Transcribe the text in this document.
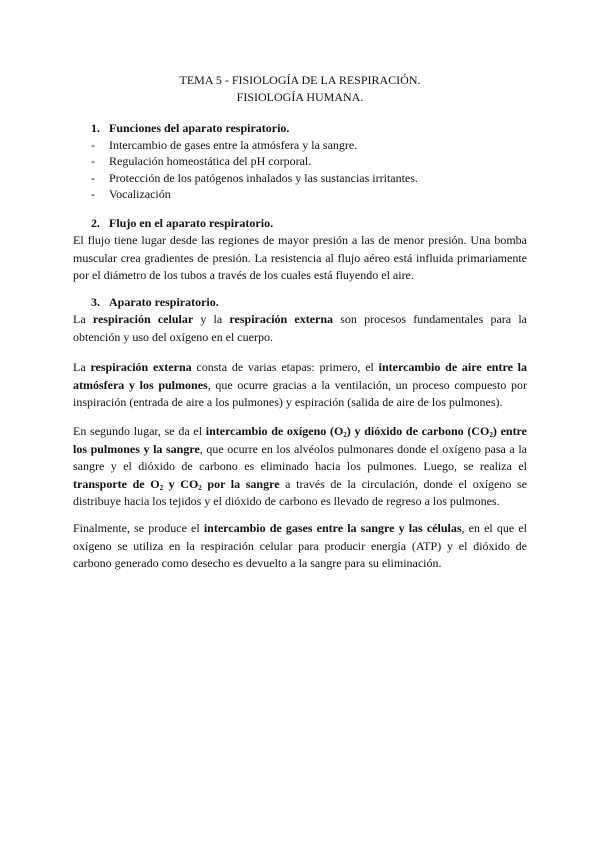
TEMA 5 - FISIOLOGÍA DE LA RESPIRACIÓN.
FISIOLOGÍA HUMANA.
1. Funciones del aparato respiratorio.
- Intercambio de gases entre la atmósfera y la sangre.
- Regulación homeostática del pH corporal.
- Protección de los patógenos inhalados y las sustancias irritantes.
- Vocalización
2. Flujo en el aparato respiratorio.

El flujo tiene lugar desde las regiones de mayor presión a las de menor presión. Una bomba muscular crea gradientes de presión. La resistencia al flujo aéreo está influida primariamente por el diámetro de los tubos a través de los cuales está fluyendo el aire.

3. Aparato respiratorio.

La respiración celular y la respiración externa son procesos fundamentales para la obtención y uso del oxígeno en el cuerpo.

La respiración externa consta de varias etapas: primero, el intercambio de aire entre la atmósfera y los pulmones, que ocurre gracias a la ventilación, un proceso compuesto por inspiración (entrada de aire a los pulmones) y espiración (salida de aire de los pulmones).

En segundo lugar, se da el intercambio de oxígeno $(O_2)$ y dióxido de carbono $(CO_2)$ entre los pulmones y la sangre, que ocurre en los alvéolos pulmonares donde el oxígeno pasa a la sangre y el dióxido de carbono es eliminado hacia los pulmones. Luego, se realiza el transporte de $O_2$ y $CO_2$ por la sangre a través de la circulación, donde el oxígeno se distribuye hacia los tejidos y el dióxido de carbono es llevado de regreso a los pulmones.

Finalmente, se produce el intercambio de gases entre la sangre y las células, en el que el oxígeno se utiliza en la respiración celular para producir energía (ATP) y el dióxido de carbono generado como desecho es devuelto a la sangre para su eliminación.
